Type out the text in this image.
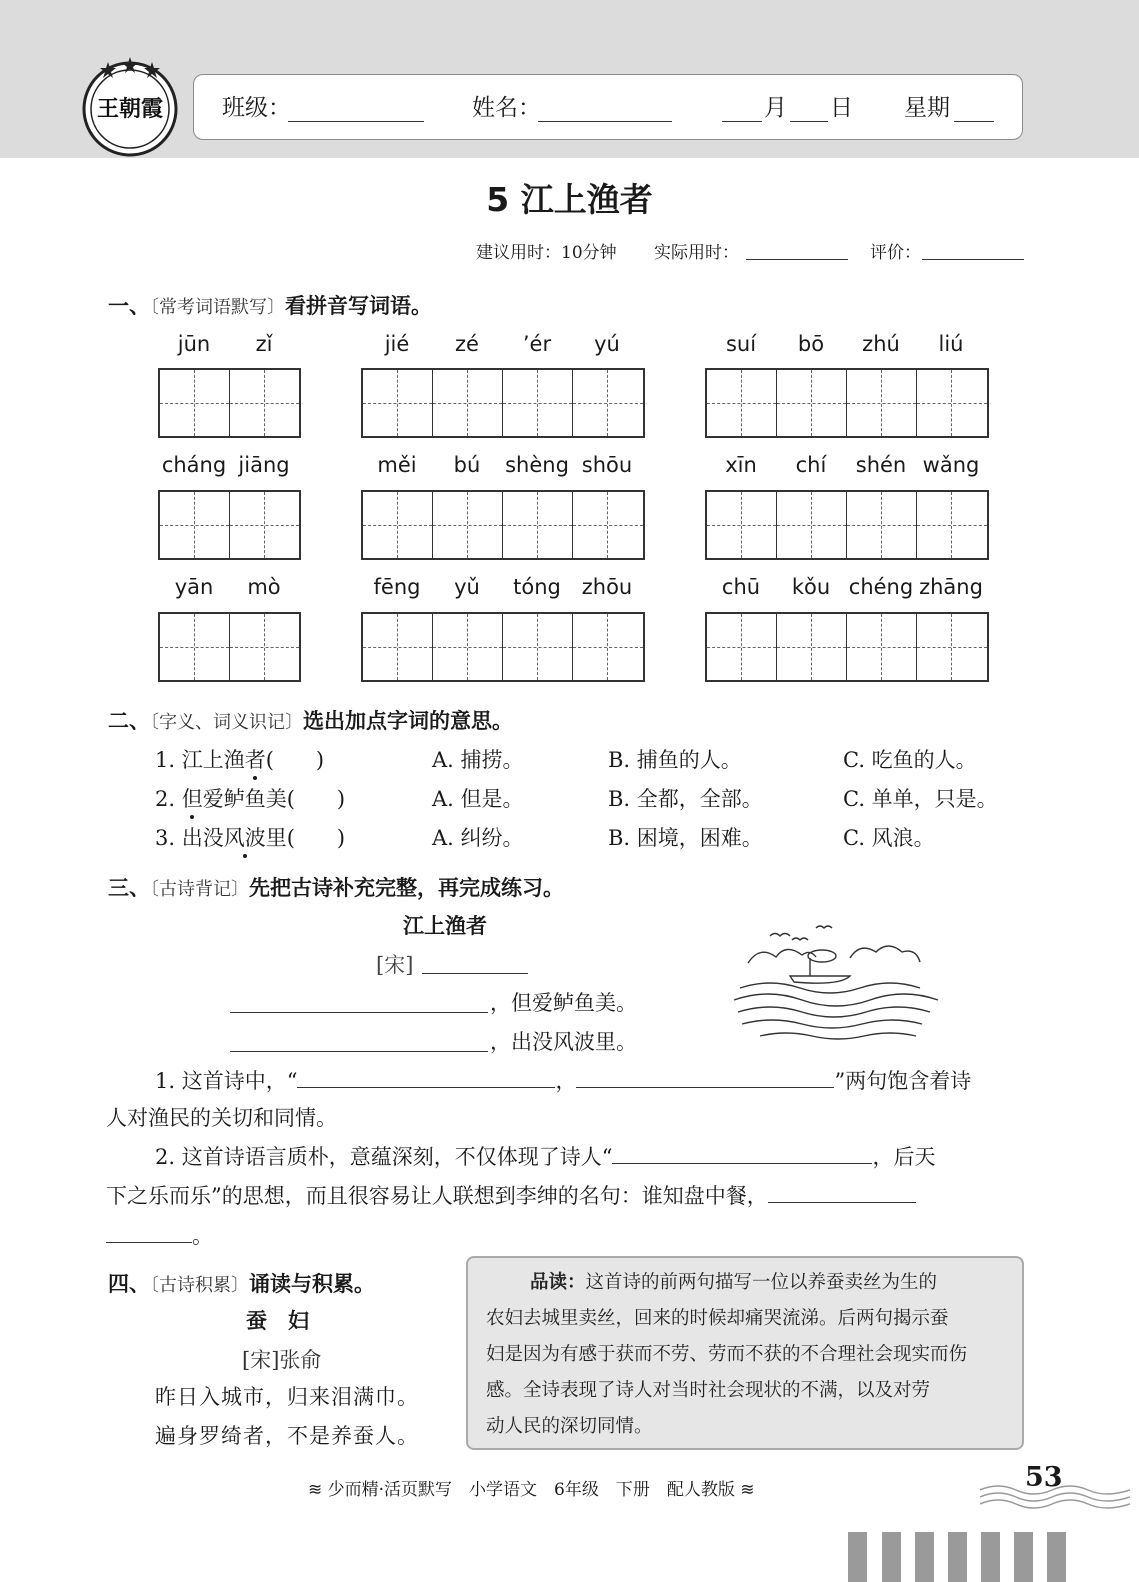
王朝霞	班级：	姓名：	月 日 星期
5 江上渔者
建议用时：10分钟 实际用时：	评价：
一、〔常考词语默写〕看拼音写词语。
jūn	zǐ	jié	zé	’ér	yú	suí	bō	zhú	liú
cháng jiāng	měi	bú	shèng shōu	xīn	chí	shén wǎng
yān	mò	fēng	yǔ	tóng zhōu	chū	kǒu chéng zhāng
二、〔字义、词义识记〕选出加点字词的意思。
1. 江上渔者(　　)	A. 捕捞。	B. 捕鱼的人。	C. 吃鱼的人。
2. 但爱鲈鱼美(　　)	A. 但是。	B. 全都，全部。	C. 单单，只是。
3. 出没风波里(　　)	A. 纠纷。	B. 困境，困难。	C. 风浪。
三、〔古诗背记〕先把古诗补充完整，再完成练习。
江上渔者
[宋]
，但爱鲈鱼美。
，出没风波里。
1. 这首诗中，“	，	”两句饱含着诗
人对渔民的关切和同情。
2. 这首诗语言质朴，意蕴深刻，不仅体现了诗人“	，后天
下之乐而乐”的思想，而且很容易让人联想到李绅的名句：谁知盘中餐，
。
四、〔古诗积累〕诵读与积累。
蚕　妇
[宋]张俞
昨日入城市，归来泪满巾。
遍身罗绮者，不是养蚕人。
品读：这首诗的前两句描写一位以养蚕卖丝为生的
农妇去城里卖丝，回来的时候却痛哭流涕。后两句揭示蚕
妇是因为有感于获而不劳、劳而不获的不合理社会现实而伤
感。全诗表现了诗人对当时社会现状的不满，以及对劳
动人民的深切同情。
≋ 少而精·活页默写　小学语文　6年级　下册　配人教版 ≋	53
